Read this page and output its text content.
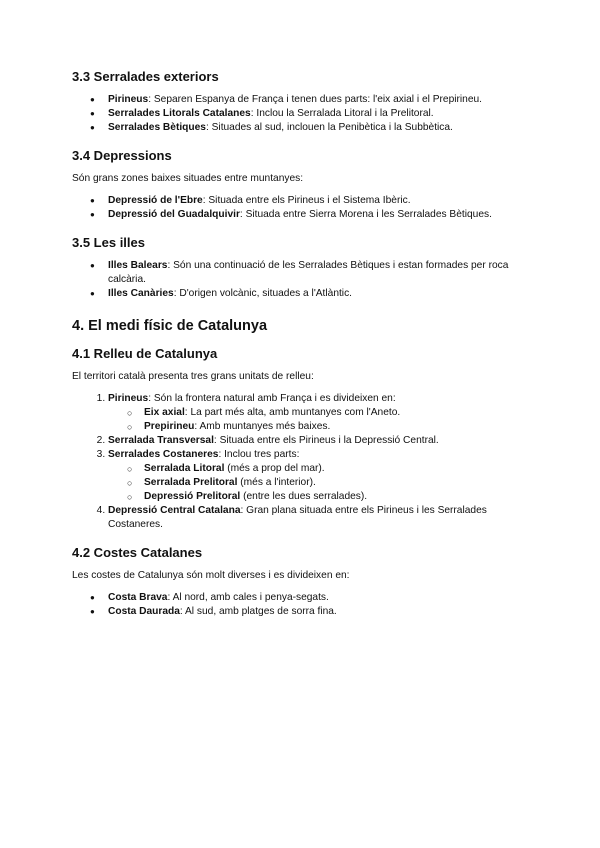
3.3 Serralades exteriors
● Pirineus: Separen Espanya de França i tenen dues parts: l'eix axial i el Prepirineu.
● Serralades Litorals Catalanes: Inclou la Serralada Litoral i la Prelitoral.
● Serralades Bètiques: Situades al sud, inclouen la Penibètica i la Subbètica.
3.4 Depressions

Són grans zones baixes situades entre muntanyes:

● Depressió de l'Ebre: Situada entre els Pirineus i el Sistema Ibèric.
● Depressió del Guadalquivir: Situada entre Sierra Morena i les Serralades Bètiques.
3.5 Les illes
● Illes Balears: Són una continuació de les Serralades Bètiques i estan formades per roca calcària.
● Illes Canàries: D'origen volcànic, situades a l'Atlàntic.
4. El medi físic de Catalunya
4.1 Relleu de Catalunya

El territori català presenta tres grans unitats de relleu:

1. Pirineus: Són la frontera natural amb França i es divideixen en:
○ Eix axial: La part més alta, amb muntanyes com l'Aneto.
○ Prepirineu: Amb muntanyes més baixes.
2. Serralada Transversal: Situada entre els Pirineus i la Depressió Central.
3. Serralades Costaneres: Inclou tres parts:
○ Serralada Litoral (més a prop del mar).
○ Serralada Prelitoral (més a l'interior).
○ Depressió Prelitoral (entre les dues serralades).
4. Depressió Central Catalana: Gran plana situada entre els Pirineus i les Serralades Costaneres.
4.2 Costes Catalanes

Les costes de Catalunya són molt diverses i es divideixen en:

● Costa Brava: Al nord, amb cales i penya-segats.
● Costa Daurada: Al sud, amb platges de sorra fina.
